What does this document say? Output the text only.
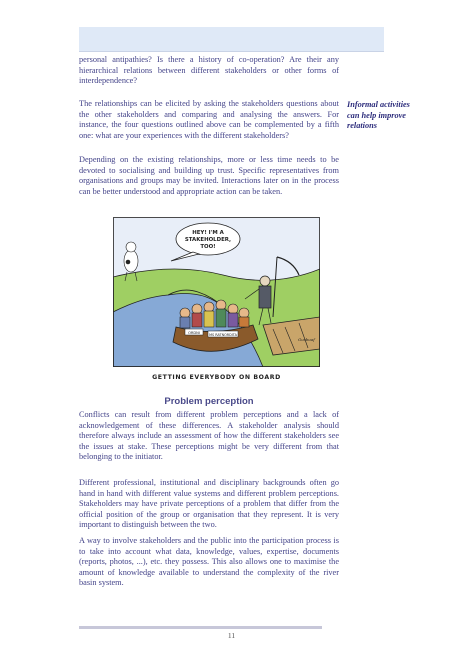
personal antipathies? Is there a history of co-operation? Are their any hierarchical relations between different stakeholders or other forms of interdependence?

The relationships can be elicited by asking the stakeholders questions about the other stakeholders and comparing and analysing the answers. For instance, the four questions outlined above can be complemented by a fifth one: what are your experiences with the different stakeholders?

Depending on the existing relationships, more or less time needs to be devoted to socialising and building up trust. Specific representatives from organisations and groups may be invited. Interactions later on in the process can be better understood and appropriate action can be taken.

Informal activities can help improve relations
ORDNI	MS RATNORDITA
HEY! I'M A
STAKEHOLDER,
TOO!
Gurbuaf
GETTING EVERYBODY ON BOARD
Problem perception

Conflicts can result from different problem perceptions and a lack of acknowledgement of these differences. A stakeholder analysis should therefore always include an assessment of how the different stakeholders see the issues at stake. These perceptions might be very different from that belonging to the initiator.

Different professional, institutional and disciplinary backgrounds often go hand in hand with different value systems and different problem perceptions. Stakeholders may have private perceptions of a problem that differ from the official position of the group or organisation that they represent. It is very important to distinguish between the two.

A way to involve stakeholders and the public into the participation process is to take into account what data, knowledge, values, expertise, documents (reports, photos, ...), etc. they possess. This also allows one to maximise the amount of knowledge available to understand the complexity of the river basin system.

11
